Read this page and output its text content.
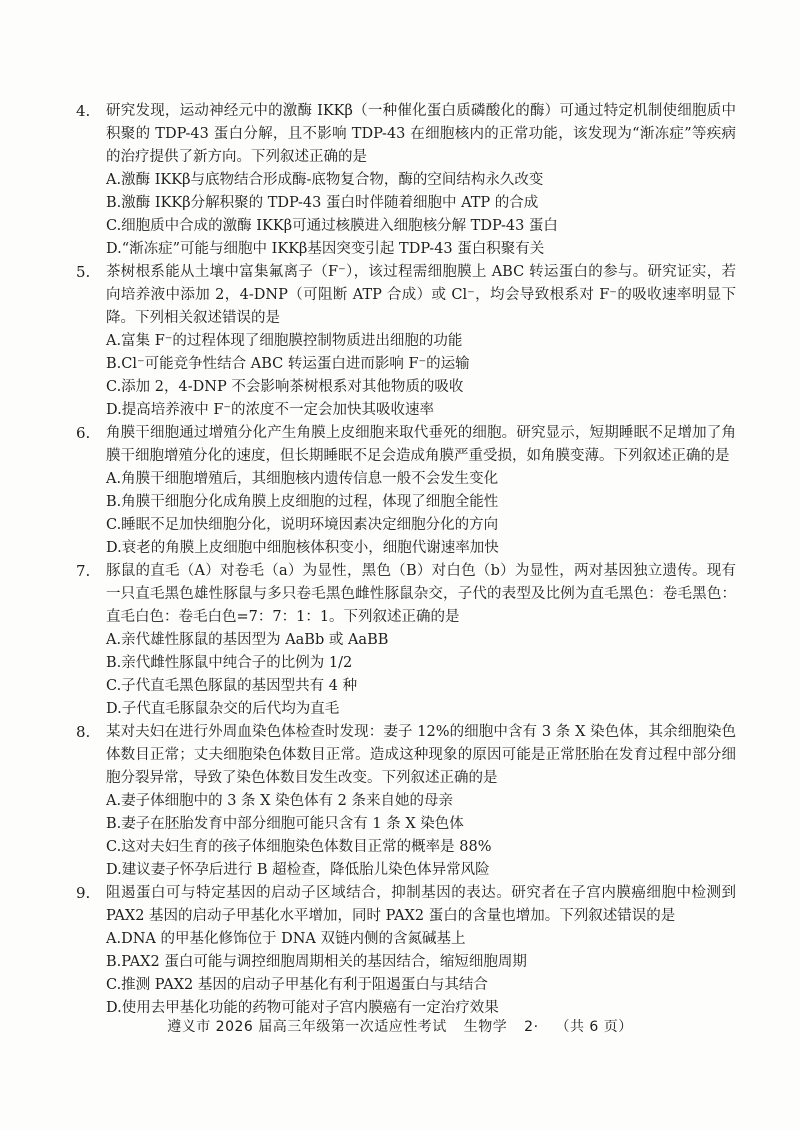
4.	研究发现，运动神经元中的激酶 IKKβ（一种催化蛋白质磷酸化的酶）可通过特定机制使细胞质中积聚的 TDP-43 蛋白分解，且不影响 TDP-43 在细胞核内的正常功能，该发现为“渐冻症”等疾病的治疗提供了新方向。下列叙述正确的是
A.激酶 IKKβ与底物结合形成酶-底物复合物，酶的空间结构永久改变
B.激酶 IKKβ分解积聚的 TDP-43 蛋白时伴随着细胞中 ATP 的合成
C.细胞质中合成的激酶 IKKβ可通过核膜进入细胞核分解 TDP-43 蛋白
D.“渐冻症”可能与细胞中 IKKβ基因突变引起 TDP-43 蛋白积聚有关
5.	茶树根系能从土壤中富集氟离子（F⁻），该过程需细胞膜上 ABC 转运蛋白的参与。研究证实，若向培养液中添加 2，4-DNP（可阻断 ATP 合成）或 Cl⁻，均会导致根系对 F⁻的吸收速率明显下降。下列相关叙述错误的是
A.富集 F⁻的过程体现了细胞膜控制物质进出细胞的功能
B.Cl⁻可能竞争性结合 ABC 转运蛋白进而影响 F⁻的运输
C.添加 2，4-DNP 不会影响茶树根系对其他物质的吸收
D.提高培养液中 F⁻的浓度不一定会加快其吸收速率
6.	角膜干细胞通过增殖分化产生角膜上皮细胞来取代垂死的细胞。研究显示，短期睡眠不足增加了角膜干细胞增殖分化的速度，但长期睡眠不足会造成角膜严重受损，如角膜变薄。下列叙述正确的是
A.角膜干细胞增殖后，其细胞核内遗传信息一般不会发生变化
B.角膜干细胞分化成角膜上皮细胞的过程，体现了细胞全能性
C.睡眠不足加快细胞分化，说明环境因素决定细胞分化的方向
D.衰老的角膜上皮细胞中细胞核体积变小，细胞代谢速率加快
7.	豚鼠的直毛（A）对卷毛（a）为显性，黑色（B）对白色（b）为显性，两对基因独立遗传。现有一只直毛黑色雄性豚鼠与多只卷毛黑色雌性豚鼠杂交，子代的表型及比例为直毛黑色：卷毛黑色：直毛白色：卷毛白色=7：7：1：1。下列叙述正确的是
A.亲代雄性豚鼠的基因型为 AaBb 或 AaBB
B.亲代雌性豚鼠中纯合子的比例为 1/2
C.子代直毛黑色豚鼠的基因型共有 4 种
D.子代直毛豚鼠杂交的后代均为直毛
8.	某对夫妇在进行外周血染色体检查时发现：妻子 12%的细胞中含有 3 条 X 染色体，其余细胞染色体数目正常；丈夫细胞染色体数目正常。造成这种现象的原因可能是正常胚胎在发育过程中部分细胞分裂异常，导致了染色体数目发生改变。下列叙述正确的是
A.妻子体细胞中的 3 条 X 染色体有 2 条来自她的母亲
B.妻子在胚胎发育中部分细胞可能只含有 1 条 X 染色体
C.这对夫妇生育的孩子体细胞染色体数目正常的概率是 88%
D.建议妻子怀孕后进行 B 超检查，降低胎儿染色体异常风险
9.	阻遏蛋白可与特定基因的启动子区域结合，抑制基因的表达。研究者在子宫内膜癌细胞中检测到 PAX2 基因的启动子甲基化水平增加，同时 PAX2 蛋白的含量也增加。下列叙述错误的是
A.DNA 的甲基化修饰位于 DNA 双链内侧的含氮碱基上
B.PAX2 蛋白可能与调控细胞周期相关的基因结合，缩短细胞周期
C.推测 PAX2 基因的启动子甲基化有利于阻遏蛋白与其结合
D.使用去甲基化功能的药物可能对子宫内膜癌有一定治疗效果
遵义市 2026 届高三年级第一次适应性考试 生物学 2· （共 6 页）
